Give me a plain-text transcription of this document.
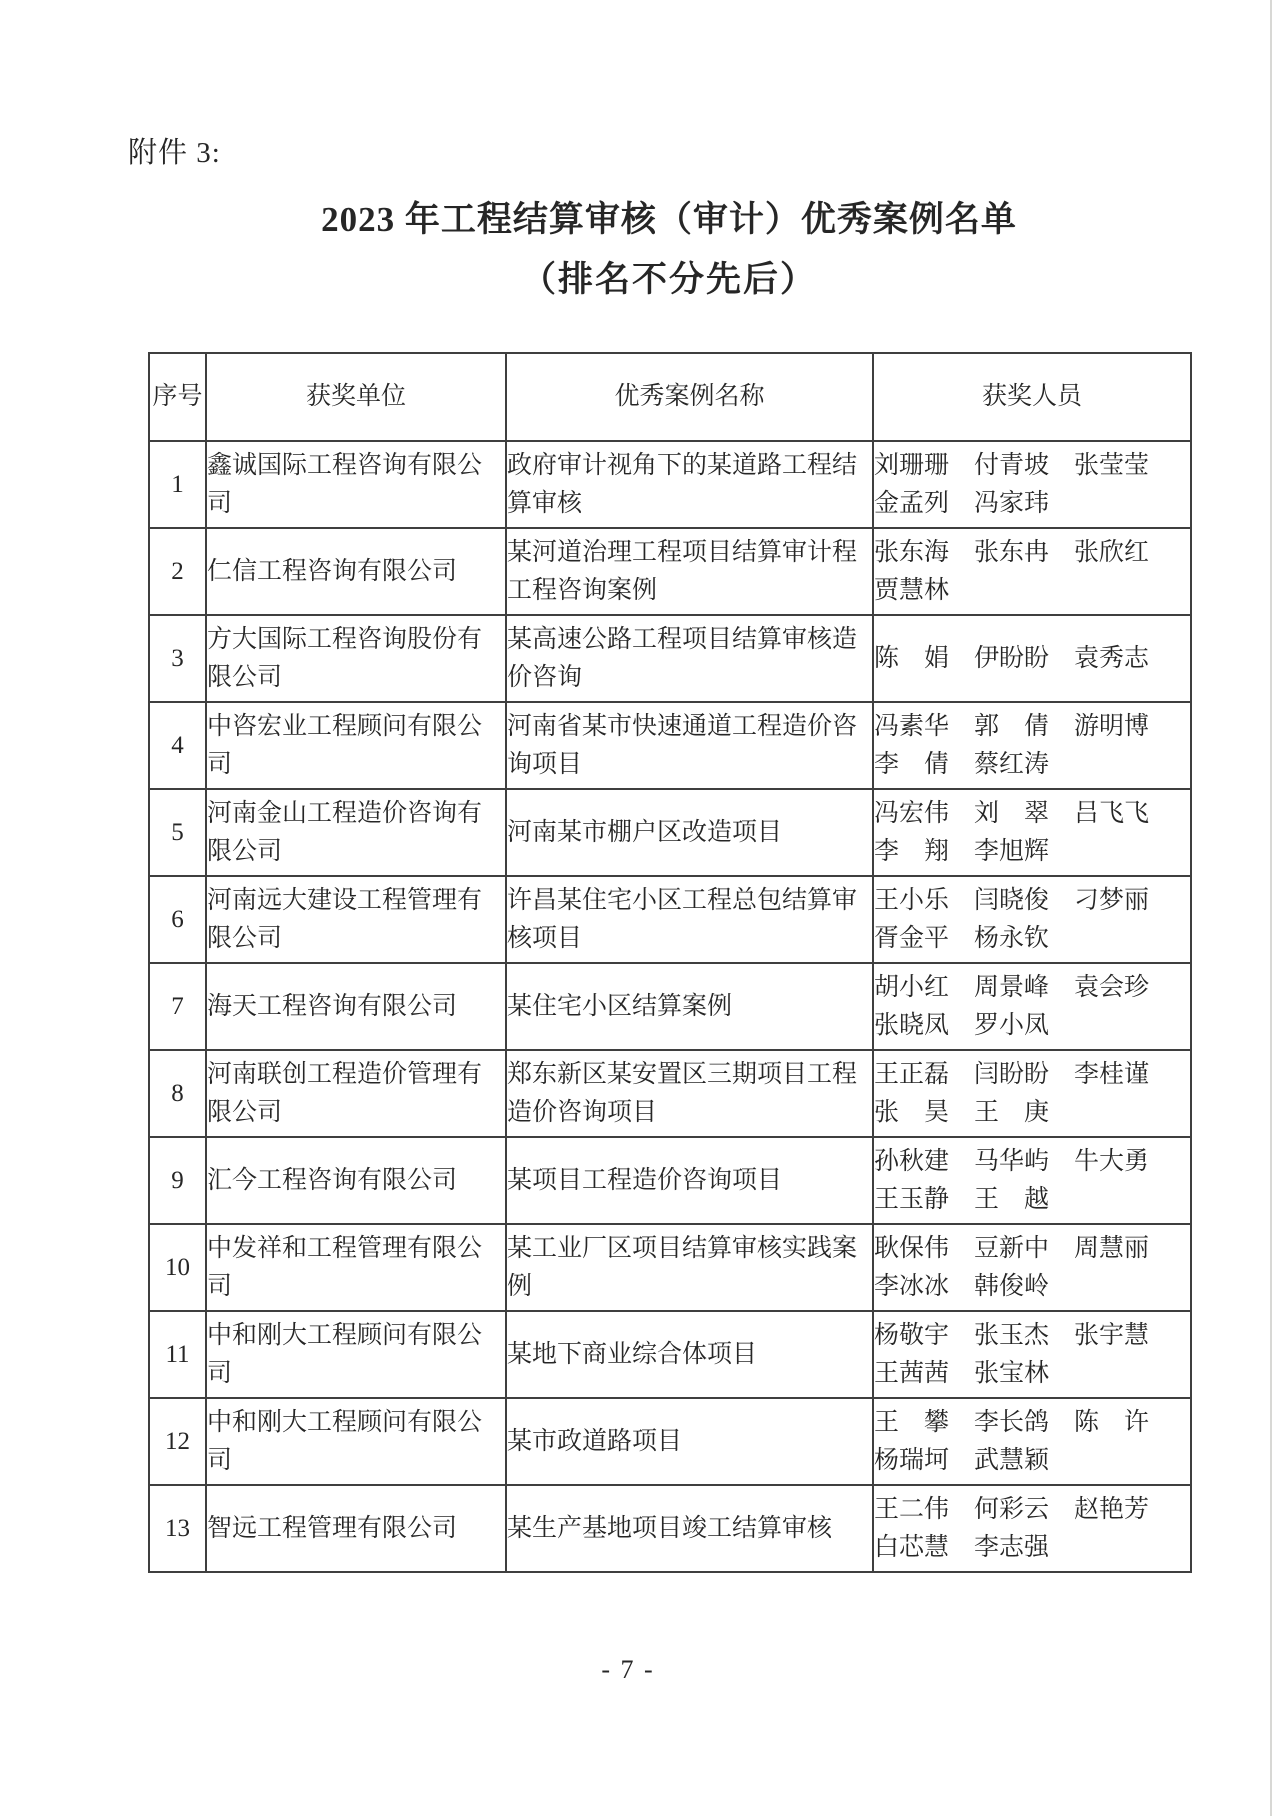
附件 3:
2023 年工程结算审核（审计）优秀案例名单
（排名不分先后）
序号	获奖单位	优秀案例名称	获奖人员
1	鑫诚国际工程咨询有限公司	政府审计视角下的某道路工程结算审核	刘珊珊　付青坡　张莹莹
金孟列　冯家玮

2	仁信工程咨询有限公司	某河道治理工程项目结算审计程工程咨询案例	张东海　张东冉　张欣红
贾慧林

3	方大国际工程咨询股份有限公司	某高速公路工程项目结算审核造价咨询	陈　娟　伊盼盼　袁秀志

4	中咨宏业工程顾问有限公司	河南省某市快速通道工程造价咨询项目	冯素华　郭　倩　游明博
李　倩　蔡红涛

5	河南金山工程造价咨询有限公司	河南某市棚户区改造项目	冯宏伟　刘　翠　吕飞飞
李　翔　李旭辉

6	河南远大建设工程管理有限公司	许昌某住宅小区工程总包结算审核项目	王小乐　闫晓俊　刁梦丽
胥金平　杨永钦

7	海天工程咨询有限公司	某住宅小区结算案例	胡小红　周景峰　袁会珍
张晓凤　罗小凤

8	河南联创工程造价管理有限公司	郑东新区某安置区三期项目工程造价咨询项目	王正磊　闫盼盼　李桂谨
张　昊　王　庚

9	汇今工程咨询有限公司	某项目工程造价咨询项目	孙秋建　马华屿　牛大勇
王玉静　王　越

10	中发祥和工程管理有限公司	某工业厂区项目结算审核实践案例	耿保伟　豆新中　周慧丽
李冰冰　韩俊岭

11	中和刚大工程顾问有限公司	某地下商业综合体项目	杨敬宇　张玉杰　张宇慧
王茜茜　张宝林

12	中和刚大工程顾问有限公司	某市政道路项目	王　攀　李长鸽　陈　许
杨瑞坷　武慧颖

13	智远工程管理有限公司	某生产基地项目竣工结算审核	王二伟　何彩云　赵艳芳
白芯慧　李志强
- 7 -
